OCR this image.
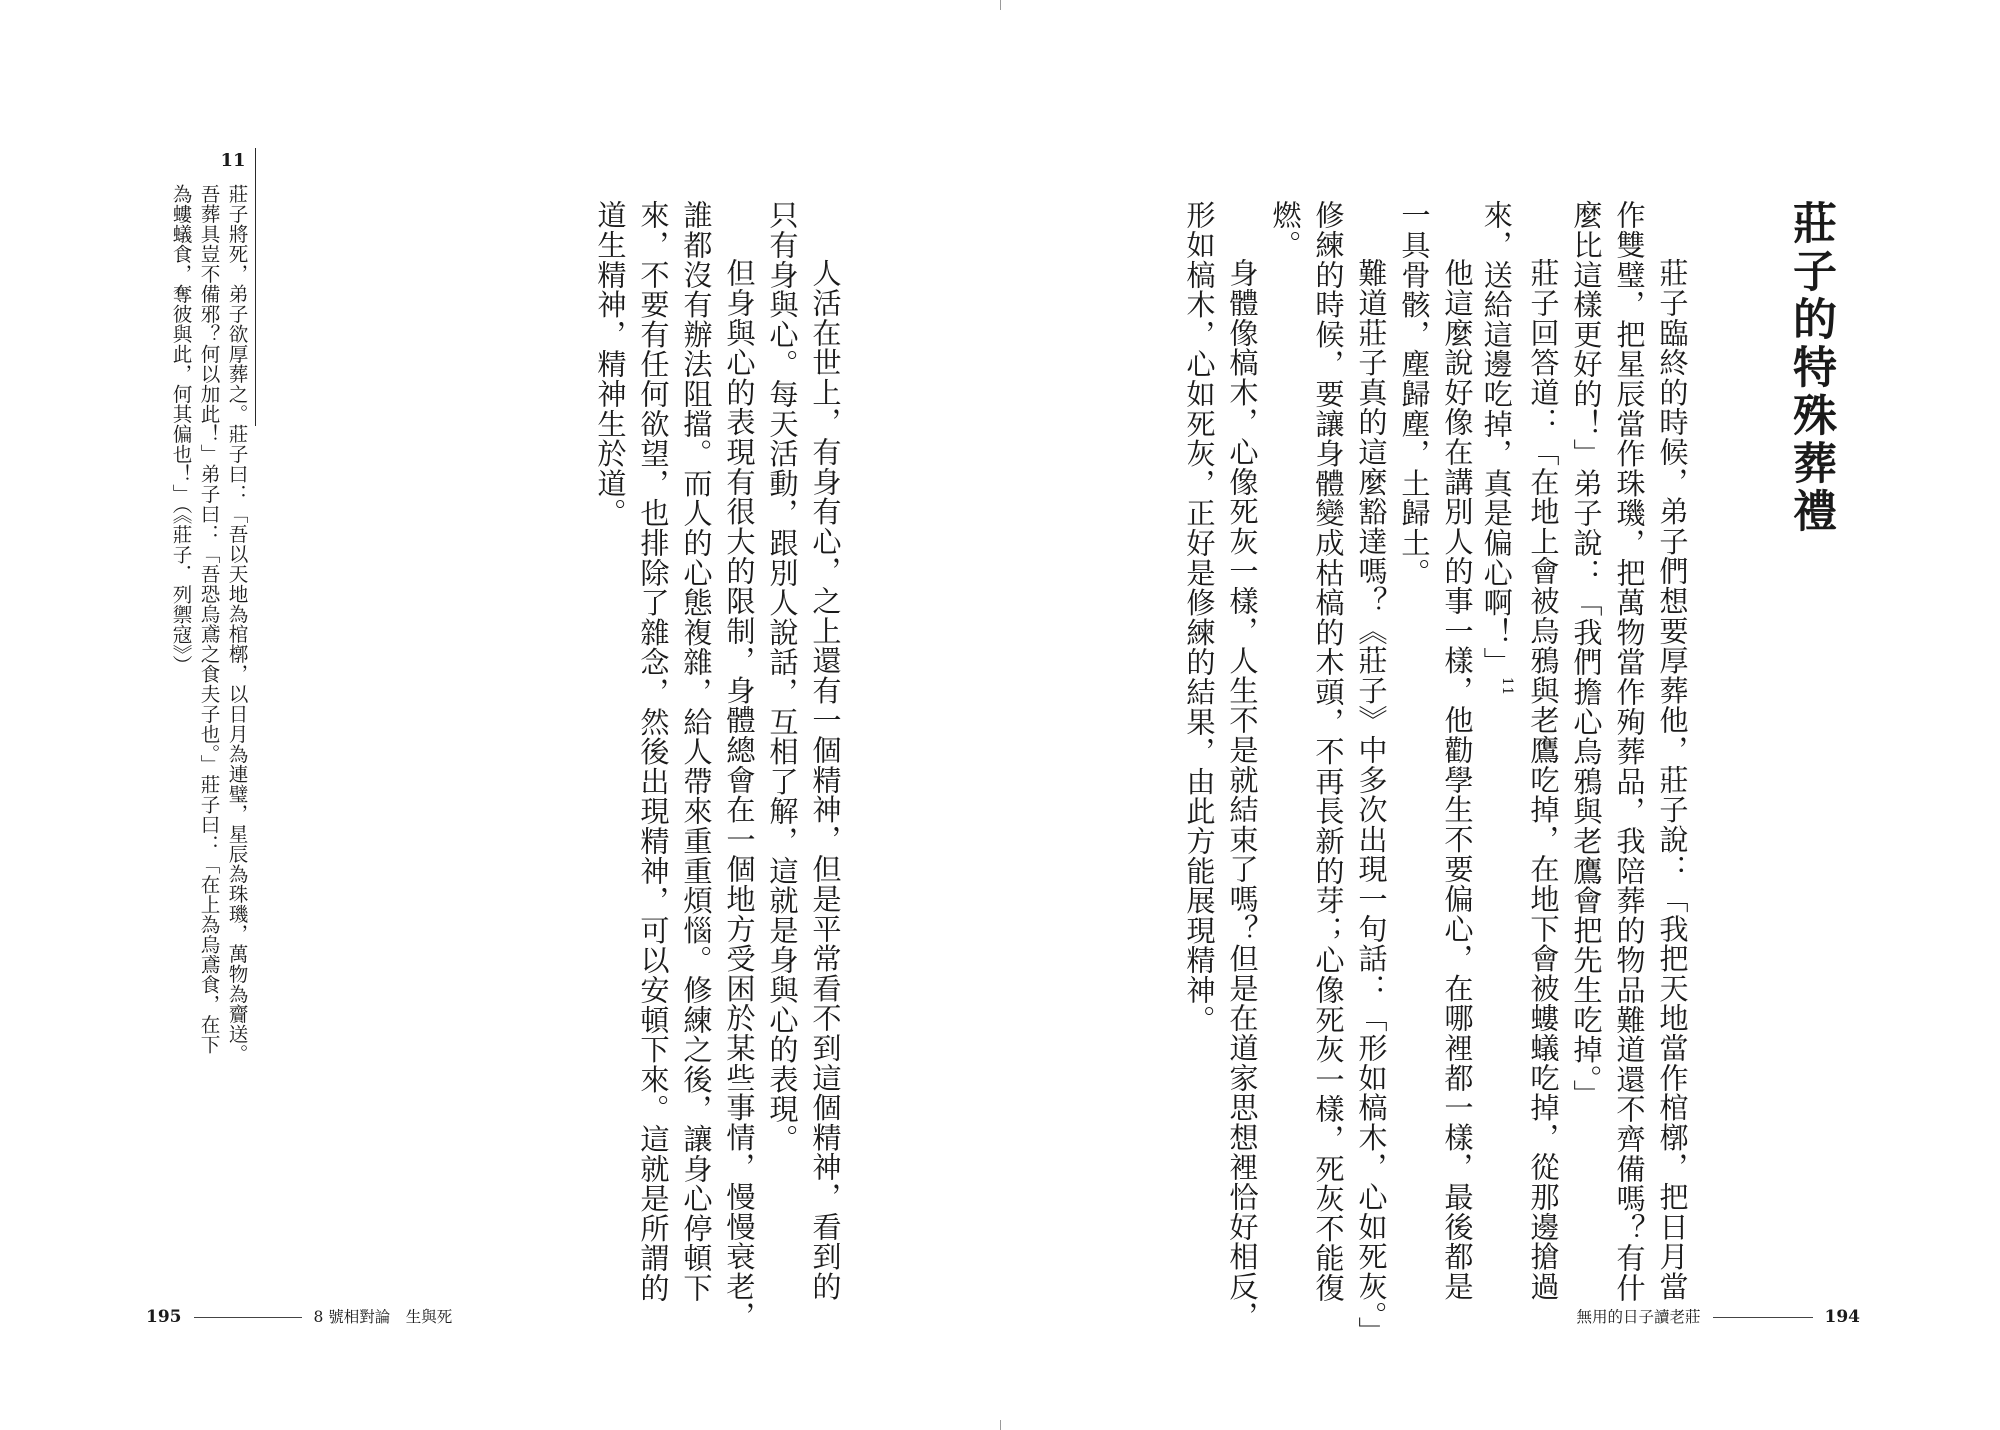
莊子的特殊葬禮
莊子臨終的時候，弟子們想要厚葬他，莊子說：「我把天地當作棺槨，把日月當
作雙璧，把星辰當作珠璣，把萬物當作殉葬品，我陪葬的物品難道還不齊備嗎？有什
麼比這樣更好的！」弟子說：「我們擔心烏鴉與老鷹會把先生吃掉。」
莊子回答道：「在地上會被烏鴉與老鷹吃掉，在地下會被螻蟻吃掉，從那邊搶過
來，送給這邊吃掉，真是偏心啊！」$^{11}$
他這麼說好像在講別人的事一樣，他勸學生不要偏心，在哪裡都一樣，最後都是
一具骨骸，塵歸塵，土歸土。
難道莊子真的這麼豁達嗎？《莊子》中多次出現一句話：「形如槁木，心如死灰。」
修練的時候，要讓身體變成枯槁的木頭，不再長新的芽；心像死灰一樣，死灰不能復
燃。
身體像槁木，心像死灰一樣，人生不是就結束了嗎？但是在道家思想裡恰好相反，
形如槁木，心如死灰，正好是修練的結果，由此方能展現精神。
人活在世上，有身有心，之上還有一個精神，但是平常看不到這個精神，看到的
只有身與心。每天活動，跟別人說話，互相了解，這就是身與心的表現。
但身與心的表現有很大的限制，身體總會在一個地方受困於某些事情，慢慢衰老，
誰都沒有辦法阻擋。而人的心態複雜，給人帶來重重煩惱。修練之後，讓身心停頓下
來，不要有任何欲望，也排除了雜念，然後出現精神，可以安頓下來。這就是所謂的
道生精神，精神生於道。
11
莊子將死，弟子欲厚葬之。莊子曰：「吾以天地為棺槨，以日月為連璧，星辰為珠璣，萬物為齎送。
吾葬具豈不備邪？何以加此！」弟子曰：「吾恐烏鳶之食夫子也。」莊子曰：「在上為烏鳶食，在下
為螻蟻食，奪彼與此，何其偏也！」（《莊子．列禦寇》）
195	8 號相對論　生與死	無用的日子讀老莊	194
